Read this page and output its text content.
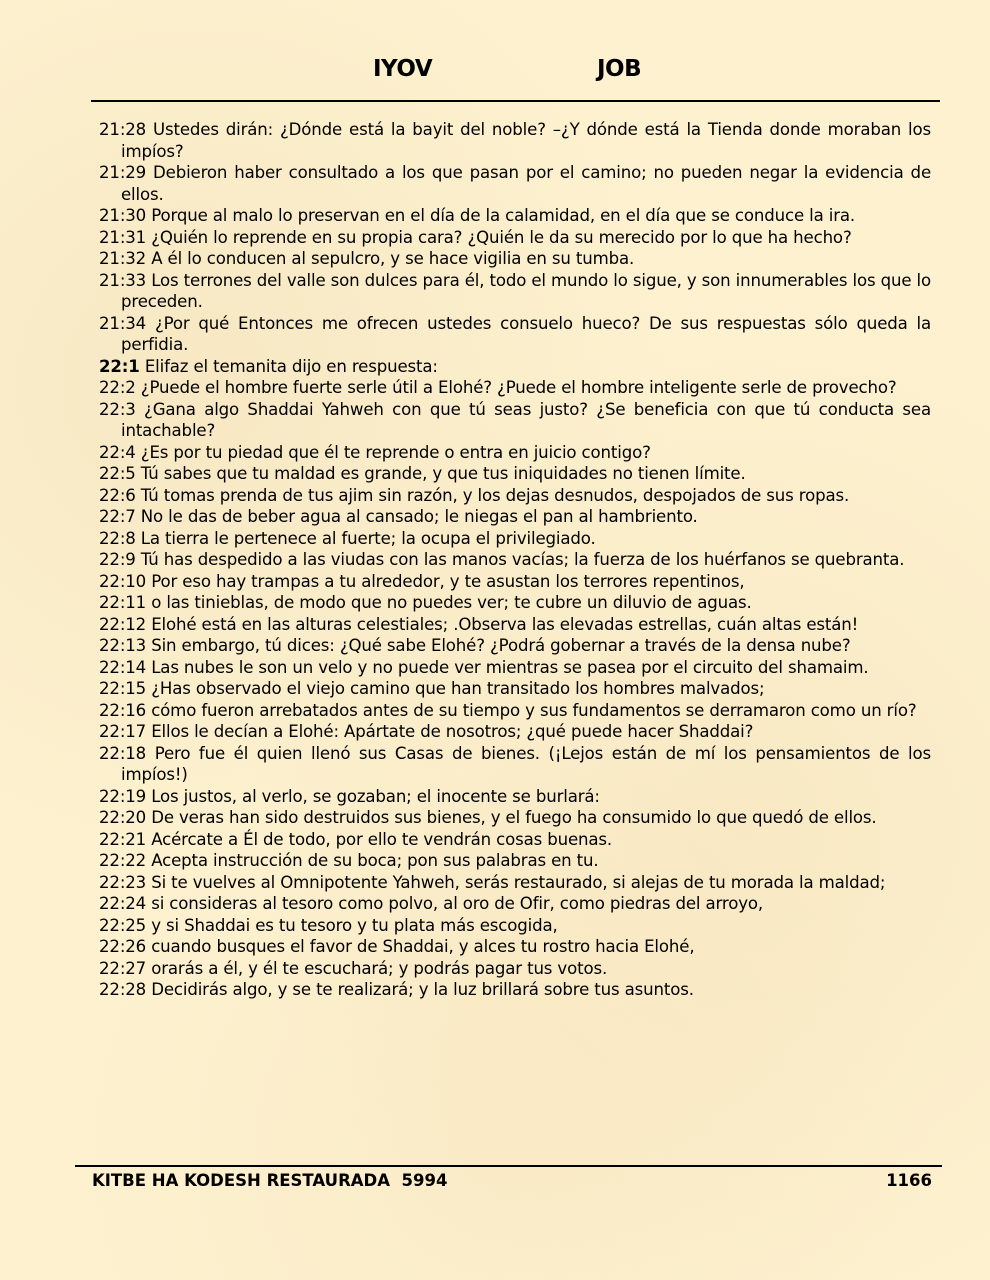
IYOV	JOB
21:28 Ustedes dirán: ¿Dónde está la bayit del noble? –¿Y dónde está la Tienda donde moraban los impíos?
21:29 Debieron haber consultado a los que pasan por el camino; no pueden negar la evidencia de ellos.
21:30 Porque al malo lo preservan en el día de la calamidad, en el día que se conduce la ira.
21:31 ¿Quién lo reprende en su propia cara? ¿Quién le da su merecido por lo que ha hecho?
21:32 A él lo conducen al sepulcro, y se hace vigilia en su tumba.
21:33 Los terrones del valle son dulces para él, todo el mundo lo sigue, y son innumerables los que lo preceden.
21:34 ¿Por qué Entonces me ofrecen ustedes consuelo hueco? De sus respuestas sólo queda la perfidia.
22:1 Elifaz el temanita dijo en respuesta:
22:2 ¿Puede el hombre fuerte serle útil a Elohé? ¿Puede el hombre inteligente serle de provecho?
22:3 ¿Gana algo Shaddai Yahweh con que tú seas justo? ¿Se beneficia con que tú conducta sea intachable?
22:4 ¿Es por tu piedad que él te reprende o entra en juicio contigo?
22:5 Tú sabes que tu maldad es grande, y que tus iniquidades no tienen límite.
22:6 Tú tomas prenda de tus ajim sin razón, y los dejas desnudos, despojados de sus ropas.
22:7 No le das de beber agua al cansado; le niegas el pan al hambriento.
22:8 La tierra le pertenece al fuerte; la ocupa el privilegiado.
22:9 Tú has despedido a las viudas con las manos vacías; la fuerza de los huérfanos se quebranta.
22:10 Por eso hay trampas a tu alrededor, y te asustan los terrores repentinos,
22:11 o las tinieblas, de modo que no puedes ver; te cubre un diluvio de aguas.
22:12 Elohé está en las alturas celestiales; .Observa las elevadas estrellas, cuán altas están!
22:13 Sin embargo, tú dices: ¿Qué sabe Elohé? ¿Podrá gobernar a través de la densa nube?
22:14 Las nubes le son un velo y no puede ver mientras se pasea por el circuito del shamaim.
22:15 ¿Has observado el viejo camino que han transitado los hombres malvados;
22:16 cómo fueron arrebatados antes de su tiempo y sus fundamentos se derramaron como un río?
22:17 Ellos le decían a Elohé: Apártate de nosotros; ¿qué puede hacer Shaddai?
22:18 Pero fue él quien llenó sus Casas de bienes. (¡Lejos están de mí los pensamientos de los impíos!)
22:19 Los justos, al verlo, se gozaban; el inocente se burlará:
22:20 De veras han sido destruidos sus bienes, y el fuego ha consumido lo que quedó de ellos.
22:21 Acércate a Él de todo, por ello te vendrán cosas buenas.
22:22 Acepta instrucción de su boca; pon sus palabras en tu.
22:23 Si te vuelves al Omnipotente Yahweh, serás restaurado, si alejas de tu morada la maldad;
22:24 si consideras al tesoro como polvo, al oro de Ofir, como piedras del arroyo,
22:25 y si Shaddai es tu tesoro y tu plata más escogida,
22:26 cuando busques el favor de Shaddai, y alces tu rostro hacia Elohé,
22:27 orarás a él, y él te escuchará; y podrás pagar tus votos.
22:28 Decidirás algo, y se te realizará; y la luz brillará sobre tus asuntos.
KITBE HA KODESH RESTAURADA  5994	1166
